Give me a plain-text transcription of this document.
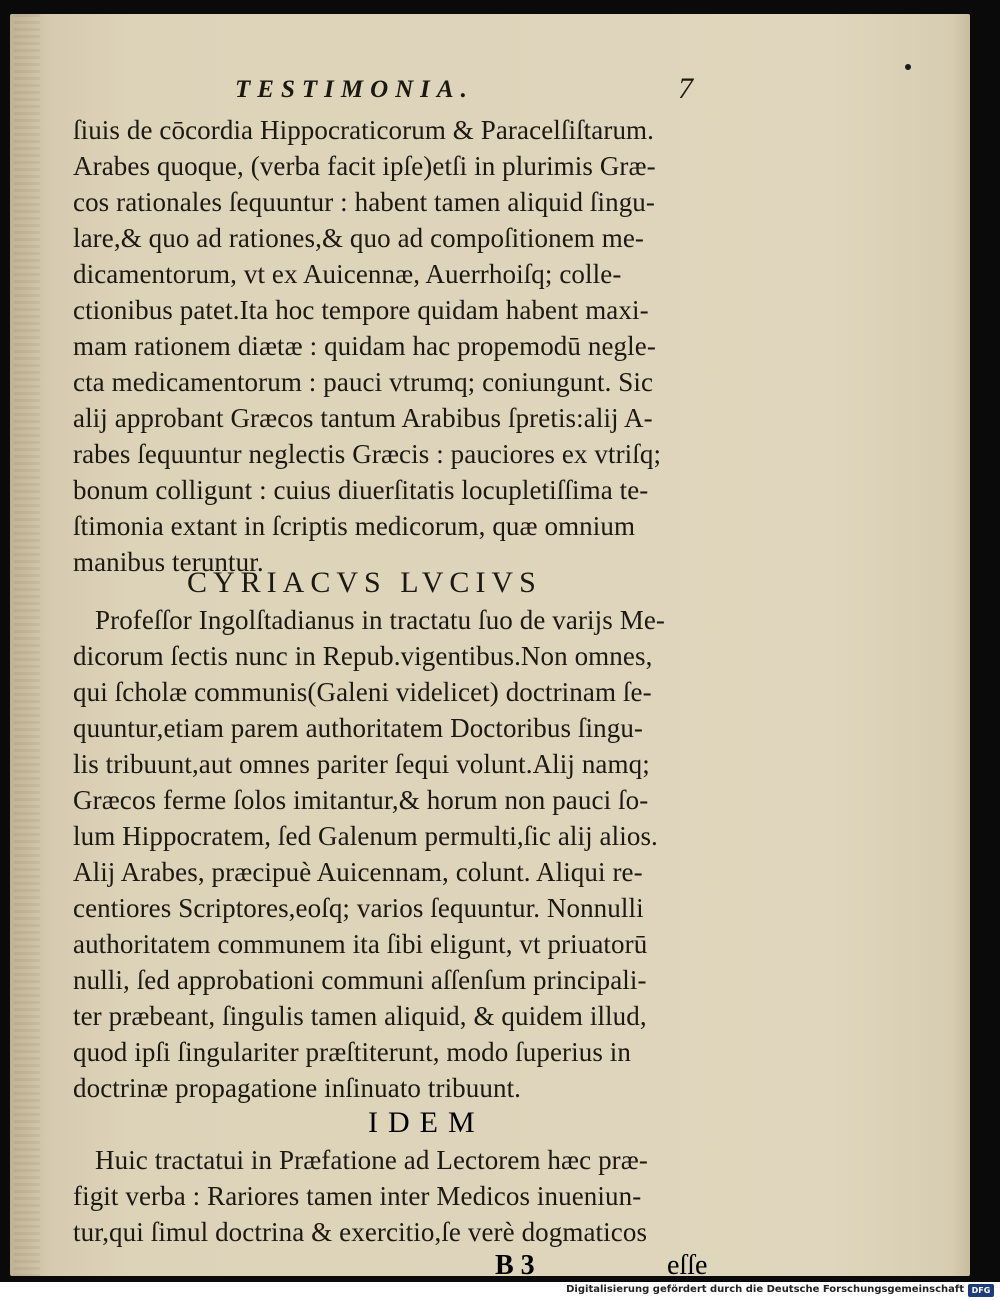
TESTIMONIA.	7
ſiuis de cōcordia Hippocraticorum & Paracelſiſtarum.
Arabes quoque, (verba facit ipſe)etſi in plurimis Græ-
cos rationales ſequuntur : habent tamen aliquid ſingu-
lare,& quo ad rationes,& quo ad compoſitionem me-
dicamentorum, vt ex Auicennæ, Auerrhoiſq; colle-
ctionibus patet.Ita hoc tempore quidam habent maxi-
mam rationem diætæ : quidam hac propemodū negle-
cta medicamentorum : pauci vtrumq; coniungunt. Sic
alij approbant Græcos tantum Arabibus ſpretis:alij A-
rabes ſequuntur neglectis Græcis : pauciores ex vtriſq;
bonum colligunt : cuius diuerſitatis locupletiſſima te-
ſtimonia extant in ſcriptis medicorum, quæ omnium
manibus teruntur.
CYRIACVS LVCIVS
Profeſſor Ingolſtadianus in tractatu ſuo de varijs Me-
dicorum ſectis nunc in Repub.vigentibus.Non omnes,
qui ſcholæ communis(Galeni videlicet) doctrinam ſe-
quuntur,etiam parem authoritatem Doctoribus ſingu-
lis tribuunt,aut omnes pariter ſequi volunt.Alij namq;
Græcos ferme ſolos imitantur,& horum non pauci ſo-
lum Hippocratem, ſed Galenum permulti,ſic alij alios.
Alij Arabes, præcipuè Auicennam, colunt. Aliqui re-
centiores Scriptores,eoſq; varios ſequuntur. Nonnulli
authoritatem communem ita ſibi eligunt, vt priuatorū
nulli, ſed approbationi communi aſſenſum principali-
ter præbeant, ſingulis tamen aliquid, & quidem illud,
quod ipſi ſingulariter præſtiterunt, modo ſuperius in
doctrinæ propagatione inſinuato tribuunt.
Huic tractatui in Præfatione ad Lectorem hæc præ-
figit verba : Rariores tamen inter Medicos inueniun-
tur,qui ſimul doctrina & exercitio,ſe verè dogmaticos
IDEM
B 3	eſſe
Digitalisierung gefördert durch die Deutsche Forschungsgemeinschaft DFG
